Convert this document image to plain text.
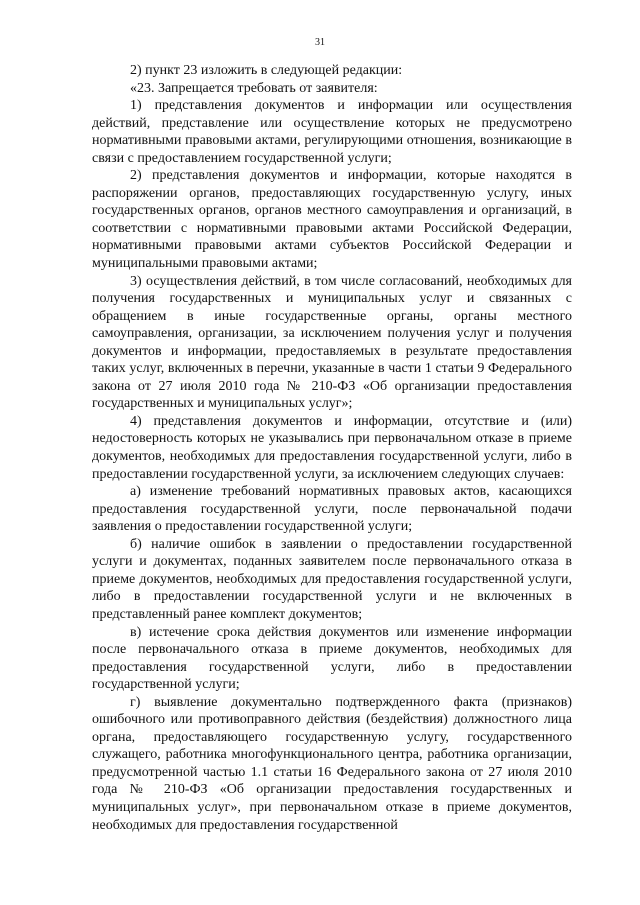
31

2) пункт 23 изложить в следующей редакции:

«23. Запрещается требовать от заявителя:

1) представления документов и информации или осуществления действий, представление или осуществление которых не предусмотрено нормативными правовыми актами, регулирующими отношения, возникающие в связи с предоставлением государственной услуги;

2) представления документов и информации, которые находятся в распоряжении органов, предоставляющих государственную услугу, иных государственных органов, органов местного самоуправления и организаций, в соответствии с нормативными правовыми актами Российской Федерации, нормативными правовыми актами субъектов Российской Федерации и муниципальными правовыми актами;

3) осуществления действий, в том числе согласований, необходимых для получения государственных и муниципальных услуг и связанных с обращением в иные государственные органы, органы местного самоуправления, организации, за исключением получения услуг и получения документов и информации, предоставляемых в результате предоставления таких услуг, включенных в перечни, указанные в части 1 статьи 9 Федерального закона от 27 июля 2010 года № 210-ФЗ «Об организации предоставления государственных и муниципальных услуг»;

4) представления документов и информации, отсутствие и (или) недостоверность которых не указывались при первоначальном отказе в приеме документов, необходимых для предоставления государственной услуги, либо в предоставлении государственной услуги, за исключением следующих случаев:

а) изменение требований нормативных правовых актов, касающихся предоставления государственной услуги, после первоначальной подачи заявления о предоставлении государственной услуги;

б) наличие ошибок в заявлении о предоставлении государственной услуги и документах, поданных заявителем после первоначального отказа в приеме документов, необходимых для предоставления государственной услуги, либо в предоставлении государственной услуги и не включенных в представленный ранее комплект документов;

в) истечение срока действия документов или изменение информации после первоначального отказа в приеме документов, необходимых для предоставления государственной услуги, либо в предоставлении государственной услуги;

г) выявление документально подтвержденного факта (признаков) ошибочного или противоправного действия (бездействия) должностного лица органа, предоставляющего государственную услугу, государственного служащего, работника многофункционального центра, работника организации, предусмотренной частью 1.1 статьи 16 Федерального закона от 27 июля 2010 года № 210-ФЗ «Об организации предоставления государственных и муниципальных услуг», при первоначальном отказе в приеме документов, необходимых для предоставления государственной
